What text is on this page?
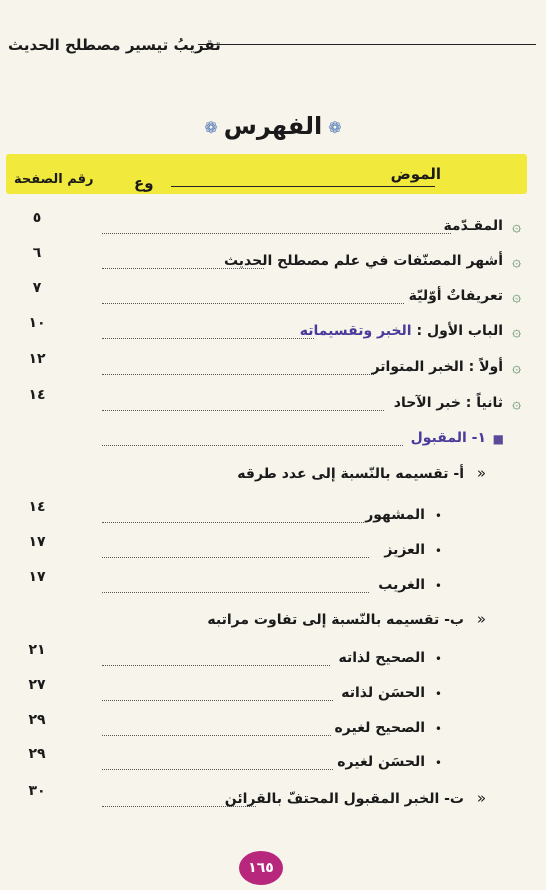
تقريبُ تيسير مصطلح الحديث
❁الفهرس❁
رقم الصفحة	الموض
وع
٥	المقـدّمة ۞
٦	أشهر المصنّفات في علم مصطلح الحديث ۞
٧	تعريفاتٌ أوّليّة ۞
١٠	الباب الأول : الخبر وتقسيماته	۞
١٢	أولاً : الخبر المتواتر ۞
١٤	ثانياً : خبر الآحاد ۞
١- المقبول ■
أ- تقسيمه بالنّسبة إلى عدد طرقه »
١٤	المشهور •
١٧	العزيز •
١٧	الغريب •
ب- تقسيمه بالنّسبة إلى تفاوت مراتبه »
٢١	الصحيح لذاته •
٢٧	الحسَن لذاته •
٢٩	الصحيح لغيره •
٢٩	الحسَن لغيره •
٣٠	ت- الخبر المقبول المحتفّ بالقرائن »
١٦٥
